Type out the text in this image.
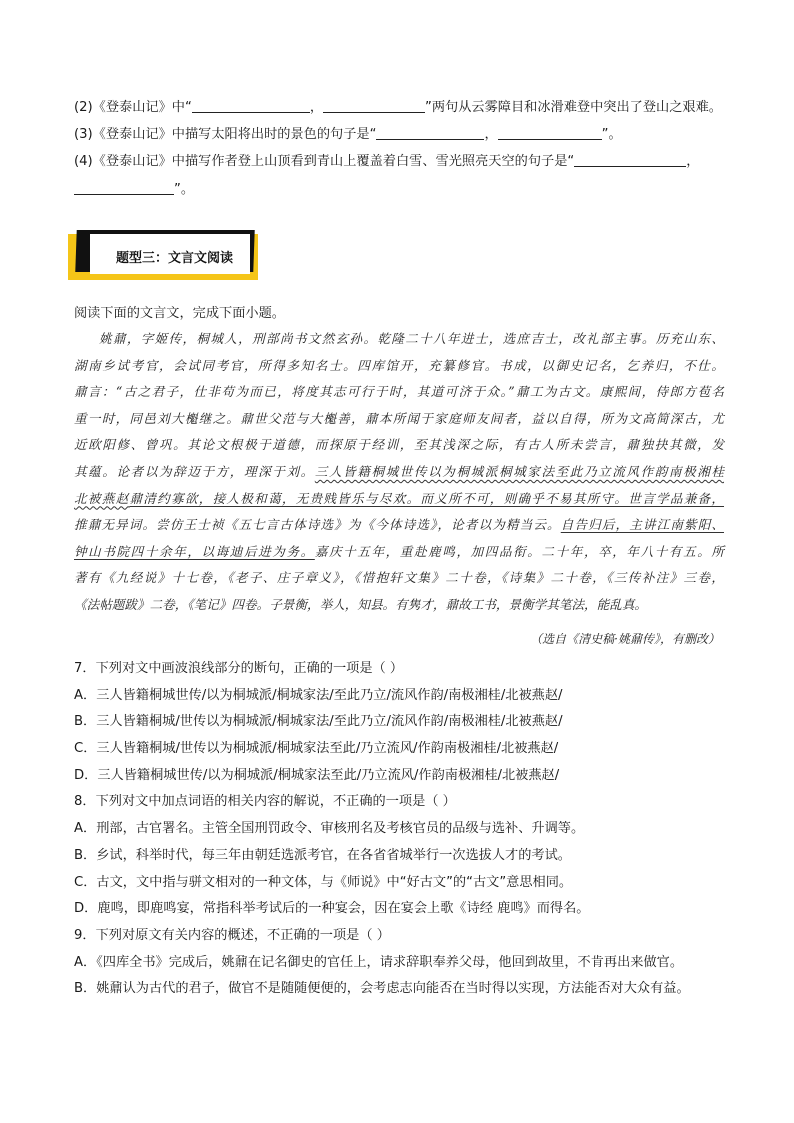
(2)《登泰山记》中“	，	”两句从云雾障目和冰滑难登中突出了登山之艰难。
(3)《登泰山记》中描写太阳将出时的景色的句子是“	，	”。
(4)《登泰山记》中描写作者登上山顶看到青山上覆盖着白雪、雪光照亮天空的句子是“	，
”。
题型三：文言文阅读
阅读下面的文言文，完成下面小题。
姚鼐，字姬传，桐城人，刑部尚书文然玄孙。乾隆二十八年进士，选庶吉士，改礼部主事。历充山东、
湖南乡试考官，会试同考官，所得多知名士。四库馆开，充纂修官。书成，以御史记名，乞养归，不仕。
鼐言：“古之君子，仕非苟为而已，将度其志可行于时，其道可济于众。”鼐工为古文。康熙间，侍郎方苞名
重一时，同邑刘大櫆继之。鼐世父范与大櫆善，鼐本所闻于家庭师友间者，益以自得，所为文高简深古，尤
近欧阳修、曾巩。其论文根极于道德，而探原于经训，至其浅深之际，有古人所未尝言，鼐独抉其微，发
其蕴。论者以为辞迈于方，理深于刘。三人皆籍桐城世传以为桐城派桐城家法至此乃立流风作韵南极湘桂
北被燕赵鼐清约寡欲，接人极和蔼，无贵贱皆乐与尽欢。而义所不可，则确乎不易其所守。世言学品兼备，
推鼐无异词。尝仿王士祯《五七言古体诗选》为《今体诗选》，论者以为精当云。自告归后，主讲江南紫阳、
钟山书院四十余年，以诲迪后进为务。嘉庆十五年，重赴鹿鸣，加四品衔。二十年，卒，年八十有五。所
著有《九经说》十七卷，《老子、庄子章义》，《惜抱轩文集》二十卷，《诗集》二十卷，《三传补注》三卷，
《法帖题跋》二卷，《笔记》四卷。子景衡，举人，知县。有隽才，鼐故工书，景衡学其笔法，能乱真。
（选自《清史稿·姚鼐传》，有删改）
7．下列对文中画波浪线部分的断句，正确的一项是（ ）
A．三人皆籍桐城世传/以为桐城派/桐城家法/至此乃立/流风作韵/南极湘桂/北被燕赵/
B．三人皆籍桐城/世传以为桐城派/桐城家法/至此乃立/流风作韵/南极湘桂/北被燕赵/
C．三人皆籍桐城/世传以为桐城派/桐城家法至此/乃立流风/作韵南极湘桂/北被燕赵/
D．三人皆籍桐城世传/以为桐城派/桐城家法至此/乃立流风/作韵南极湘桂/北被燕赵/
8．下列对文中加点词语的相关内容的解说，不正确的一项是（ ）
A．刑部，古官署名。主管全国刑罚政令、审核刑名及考核官员的品级与选补、升调等。
B．乡试，科举时代，每三年由朝廷选派考官，在各省省城举行一次选拔人才的考试。
C．古文，文中指与骈文相对的一种文体，与《师说》中“好古文”的“古文”意思相同。
D．鹿鸣，即鹿鸣宴，常指科举考试后的一种宴会，因在宴会上歌《诗经 鹿鸣》而得名。
9．下列对原文有关内容的概述，不正确的一项是（ ）
A．《四库全书》完成后，姚鼐在记名御史的官任上，请求辞职奉养父母，他回到故里，不肯再出来做官。
B．姚鼐认为古代的君子，做官不是随随便便的，会考虑志向能否在当时得以实现，方法能否对大众有益。
